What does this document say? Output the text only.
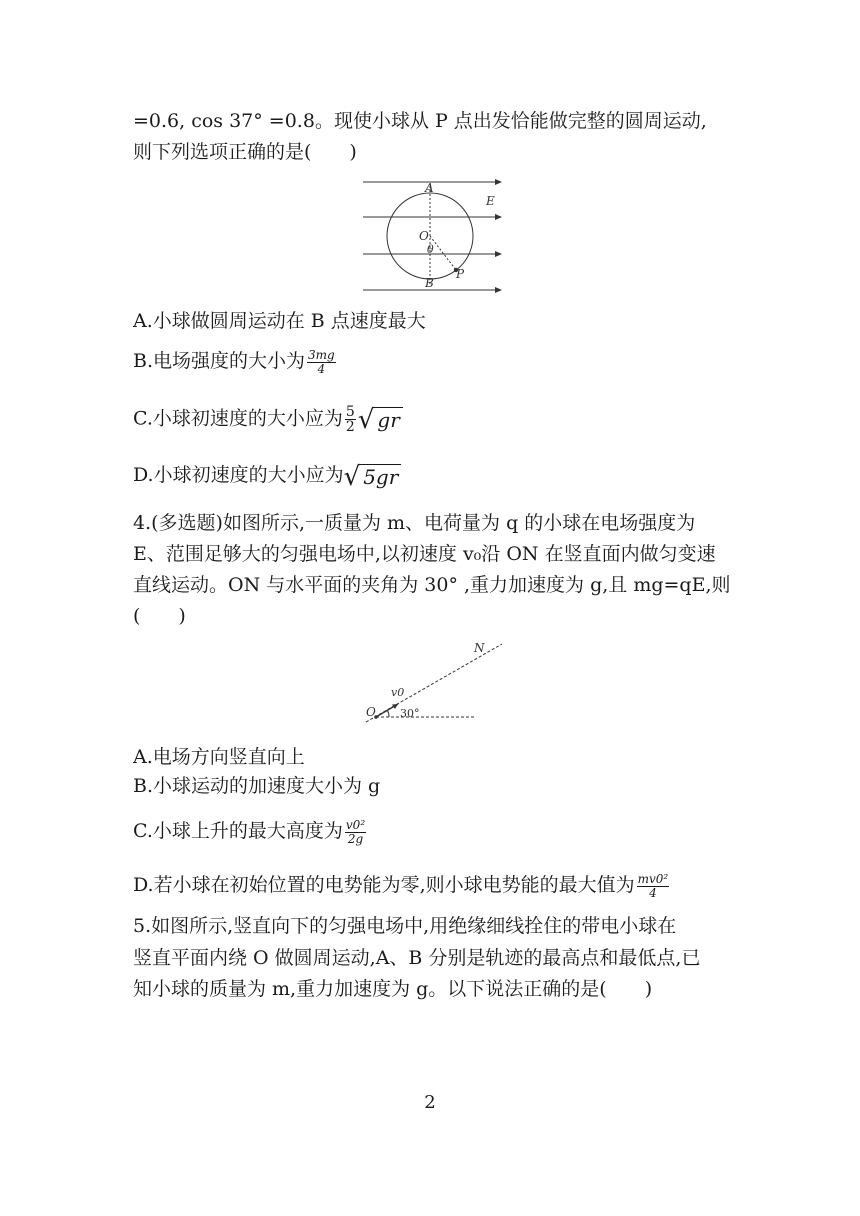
=0.6, cos 37° =0.8。现使小球从 P 点出发恰能做完整的圆周运动,
则下列选项正确的是(　　)
A
E
O
θ
P
B
A.小球做圆周运动在 B 点速度最大
B.电场强度的大小为 $\frac{3mg}{4}$
C.小球初速度的大小应为 $\frac{5}{2}$ √ gr
D.小球初速度的大小应为√ 5gr
4.(多选题)如图所示,一质量为 m、电荷量为 q 的小球在电场强度为
E、范围足够大的匀强电场中,以初速度 v₀沿 ON 在竖直面内做匀变速
直线运动。ON 与水平面的夹角为 30° ,重力加速度为 g,且 mg=qE,则
(　　)
N
v0
O 30°
A.电场方向竖直向上
B.小球运动的加速度大小为 g
C.小球上升的最大高度为 $\frac{\text{v0²}}{2g}$
D.若小球在初始位置的电势能为零,则小球电势能的最大值为 $\frac{\text{mv0²}}{4}$
5.如图所示,竖直向下的匀强电场中,用绝缘细线拴住的带电小球在
竖直平面内绕 O 做圆周运动,A、B 分别是轨迹的最高点和最低点,已
知小球的质量为 m,重力加速度为 g。以下说法正确的是(　　)
2
